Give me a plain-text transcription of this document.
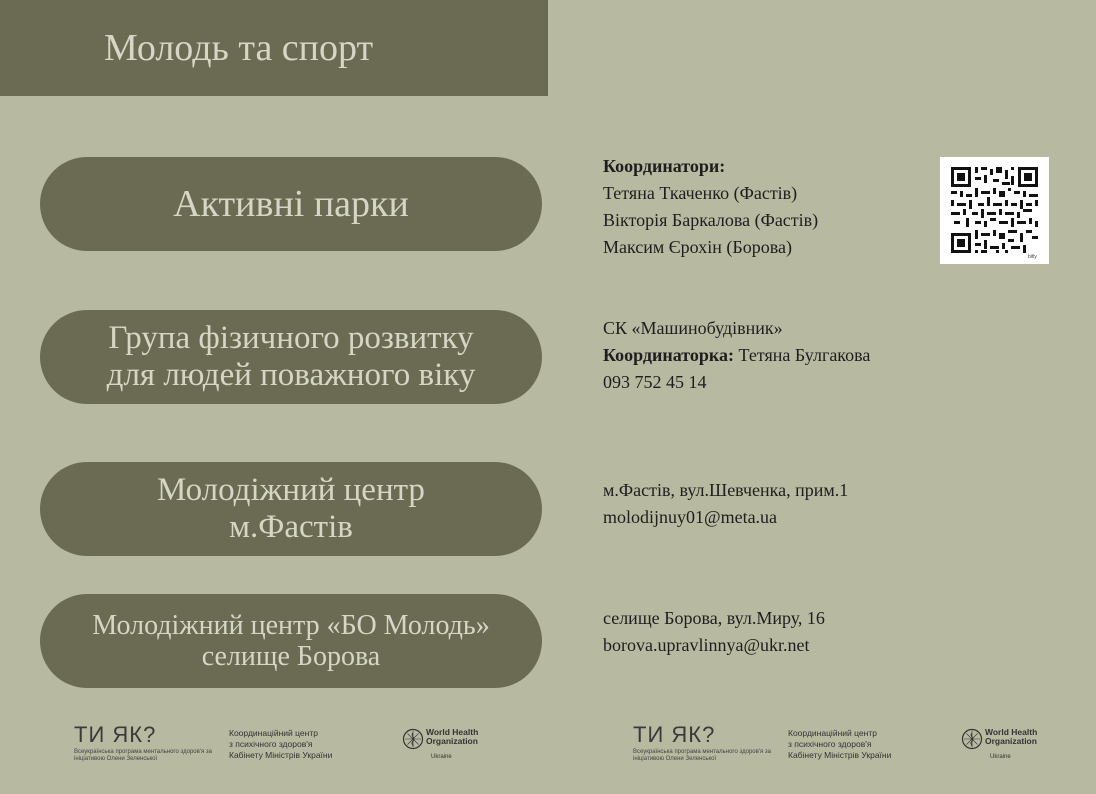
Молодь та спорт
Активні парки
Група фізичного розвитку
для людей поважного віку
Молодіжний центр
м.Фастів
Молодіжний центр «БО Молодь»
селище Борова
Координатори:
Тетяна Ткаченко (Фастів)
Вікторія Баркалова (Фастів)
Максим Єрохін (Борова)
СК «Машинобудівник»
Координаторка: Тетяна Булгакова
093 752 45 14
м.Фастів, вул.Шевченка, прим.1
molodijnuy01@meta.ua
селище Борова, вул.Миру, 16
borova.upravlinnya@ukr.net
bitly
ТИ ЯК?
Всеукраїнська програма ментального здоров'я за ініціативою Олени Зеленської
Координаційний центр
з психічного здоров'я
Кабінету Міністрів України
World Health
Organization
Ukraine
ТИ ЯК?
Всеукраїнська програма ментального здоров'я за ініціативою Олени Зеленської
Координаційний центр
з психічного здоров'я
Кабінету Міністрів України
World Health
Organization
Ukraine
